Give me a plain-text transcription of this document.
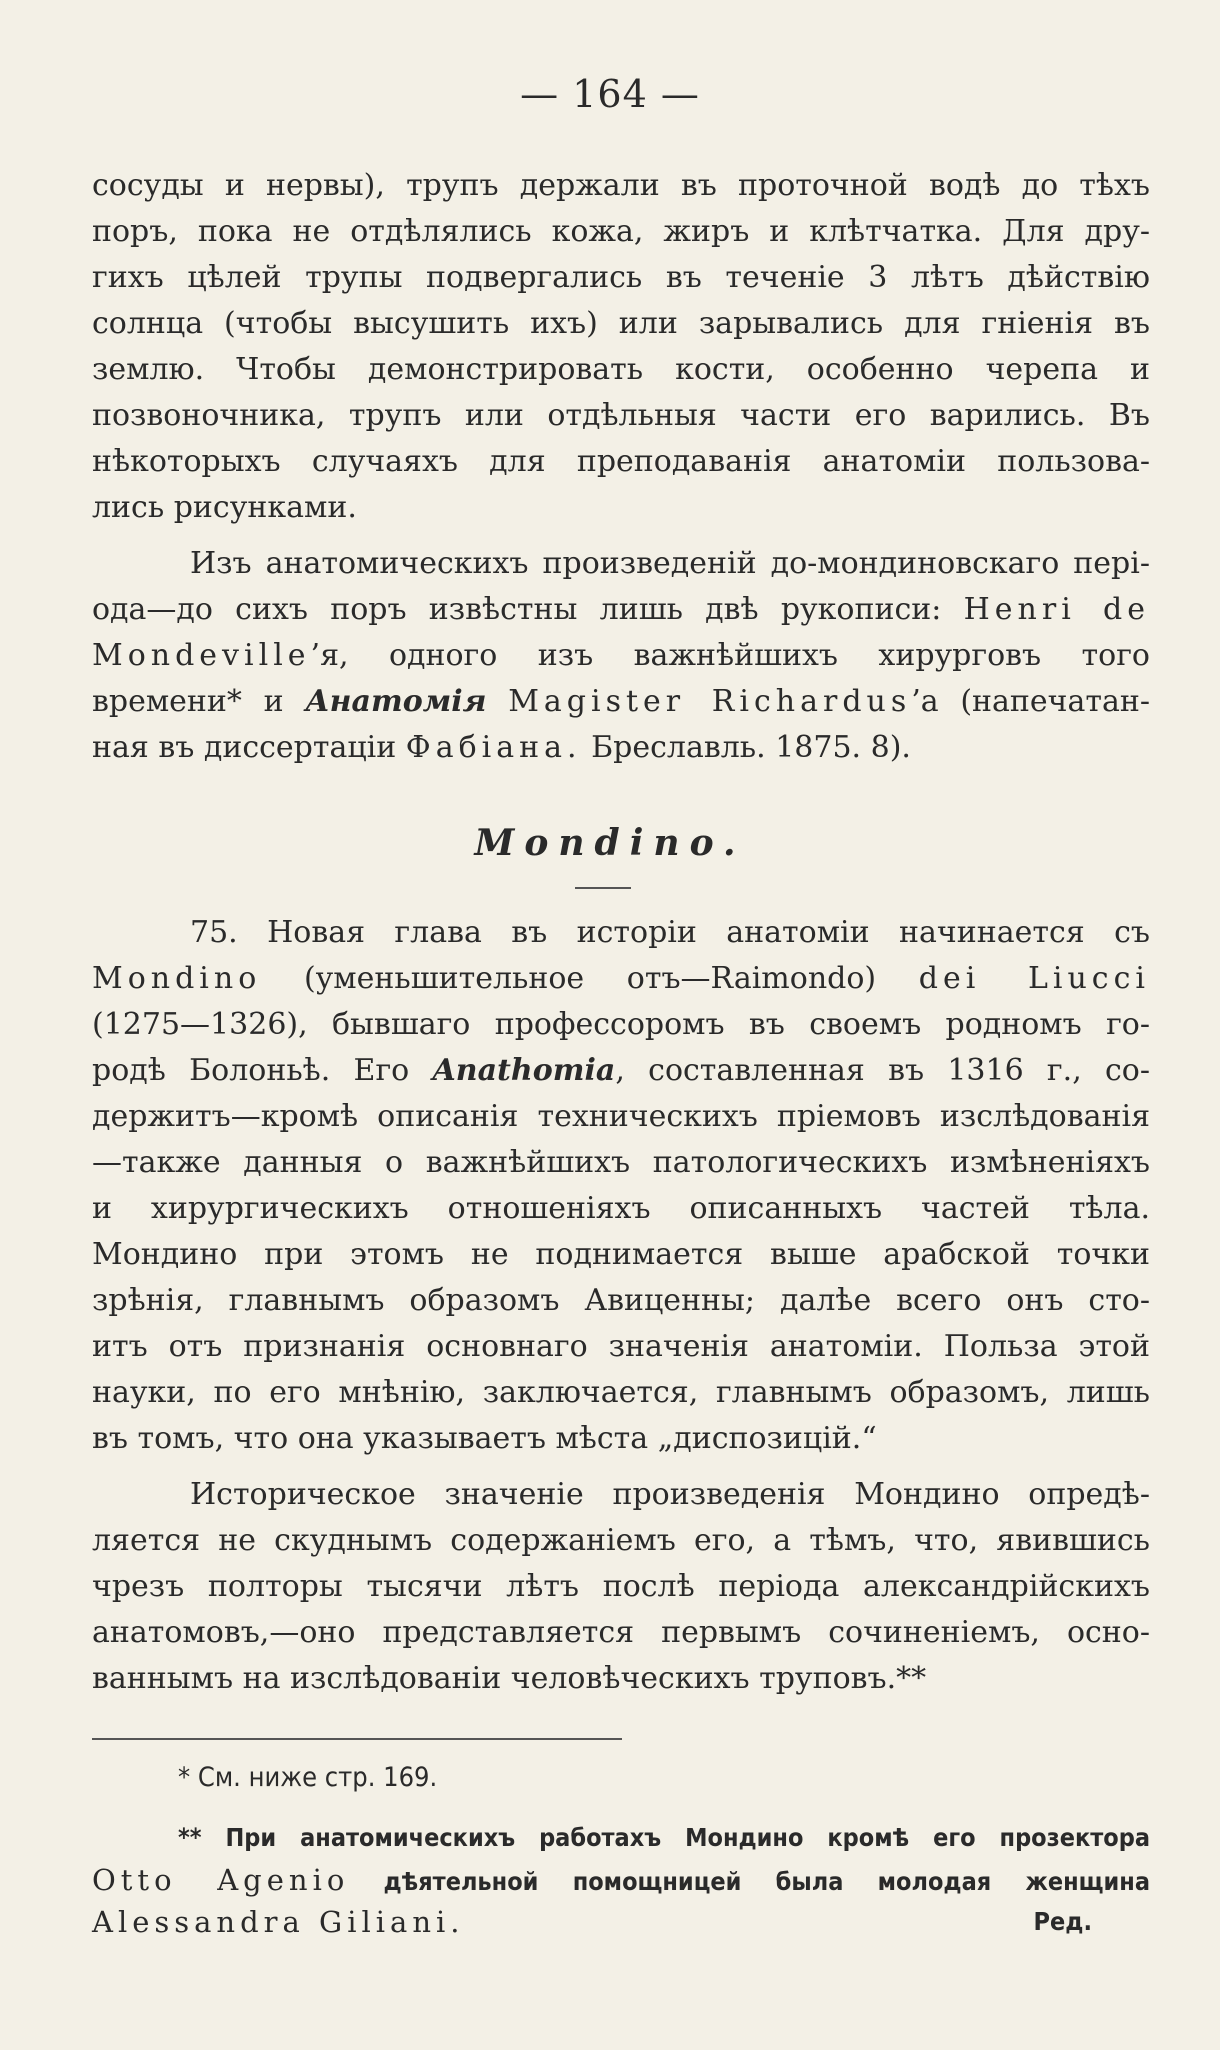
— 164 —
сосуды и нервы), трупъ держали въ проточной водѣ до тѣхъ
поръ, пока не отдѣлялись кожа, жиръ и клѣтчатка. Для дру-
гихъ цѣлей трупы подвергались въ теченіе 3 лѣтъ дѣйствію
солнца (чтобы высушить ихъ) или зарывались для гніенія въ
землю. Чтобы демонстрировать кости, особенно черепа и
позвоночника, трупъ или отдѣльныя части его варились. Въ
нѣкоторыхъ случаяхъ для преподаванія анатоміи пользова-
лись рисунками.
Изъ анатомическихъ произведеній до-мондиновскаго пері-
ода—до сихъ поръ извѣстны лишь двѣ рукописи: Henri de
Mondeville’я, одного изъ важнѣйшихъ хирурговъ того
времени* и Анатомія Magister Richardus’a (напечатан-
ная въ диссертаціи Фабіана. Бреславль. 1875. 8).
Mondino.
75. Новая глава въ исторіи анатоміи начинается съ
Mondino (уменьшительное отъ—Raimondo) dei Liucci
(1275—1326), бывшаго профессоромъ въ своемъ родномъ го-
родѣ Болоньѣ. Его Anathomia, составленная въ 1316 г., со-
держитъ—кромѣ описанія техническихъ пріемовъ изслѣдованія
—также данныя о важнѣйшихъ патологическихъ измѣненіяхъ
и хирургическихъ отношеніяхъ описанныхъ частей тѣла.
Мондино при этомъ не поднимается выше арабской точки
зрѣнія, главнымъ образомъ Авиценны; далѣе всего онъ сто-
итъ отъ признанія основнаго значенія анатоміи. Польза этой
науки, по его мнѣнію, заключается, главнымъ образомъ, лишь
въ томъ, что она указываетъ мѣста „диспозицій.“
Историческое значеніе произведенія Мондино опредѣ-
ляется не скуднымъ содержаніемъ его, а тѣмъ, что, явившись
чрезъ полторы тысячи лѣтъ послѣ періода александрійскихъ
анатомовъ,—оно представляется первымъ сочиненіемъ, осно-
ваннымъ на изслѣдованіи человѣческихъ труповъ.**
* См. ниже стр. 169.
** При анатомическихъ работахъ Мондино кромѣ его прозектора
Otto Agenio дѣятельной помощницей была молодая женщина
Alessandra Giliani.	Ред.
